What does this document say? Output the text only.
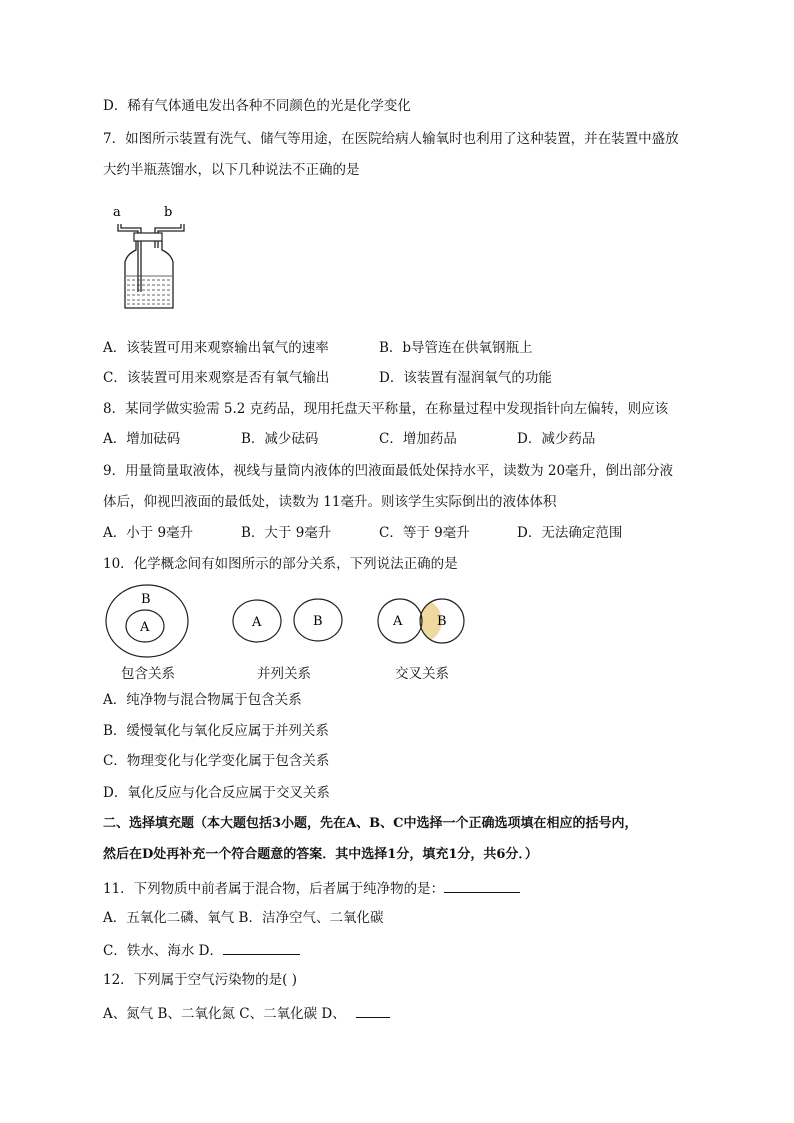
D．稀有气体通电发出各种不同颜色的光是化学变化
7．如图所示装置有洗气、储气等用途，在医院给病人输氧时也利用了这种装置，并在装置中盛放
大约半瓶蒸馏水，以下几种说法不正确的是
a	b
A．该装置可用来观察输出氧气的速率	B．b导管连在供氧钢瓶上
C．该装置可用来观察是否有氧气输出	D．该装置有湿润氧气的功能
8．某同学做实验需 5.2 克药品，现用托盘天平称量，在称量过程中发现指针向左偏转，则应该
A．增加砝码	B．减少砝码	C．增加药品	D．减少药品
9．用量筒量取液体，视线与量筒内液体的凹液面最低处保持水平，读数为 20毫升，倒出部分液
体后，仰视凹液面的最低处，读数为 11毫升。则该学生实际倒出的液体体积
A．小于 9毫升	B．大于 9毫升	C．等于 9毫升	D．无法确定范围
10．化学概念间有如图所示的部分关系，下列说法正确的是
B
A	A	B	A	B
包含关系	并列关系	交叉关系
A．纯净物与混合物属于包含关系
B．缓慢氧化与氧化反应属于并列关系
C．物理变化与化学变化属于包含关系
D．氧化反应与化合反应属于交叉关系
二、选择填充题（本大题包括3小题，先在A、B、C中选择一个正确选项填在相应的括号内，
然后在D处再补充一个符合题意的答案．其中选择1分，填充1分，共6分．）
11．下列物质中前者属于混合物，后者属于纯净物的是：
A．五氧化二磷、氧气 B．洁净空气、二氧化碳
C．铁水、海水 D．
12．下列属于空气污染物的是( )
A、氮气 B、二氧化氮 C、二氧化碳 D、
